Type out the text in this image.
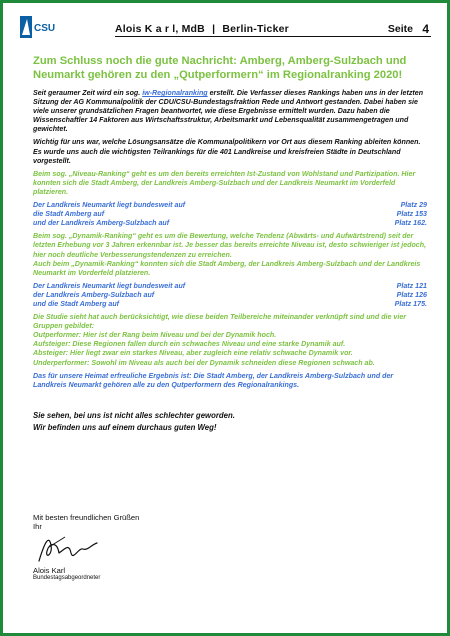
CSU	Alois K a r l, MdB | Berlin-Ticker	Seite 4
Zum Schluss noch die gute Nachricht: Amberg, Amberg-Sulzbach und Neumarkt gehören zu den „Qutperformern“ im Regionalranking 2020!

Seit geraumer Zeit wird ein sog. iw-Regionalranking erstellt. Die Verfasser dieses Rankings haben uns in der letzten Sitzung der AG Kommunalpolitik der CDU/CSU-Bundestagsfraktion Rede und Antwort gestanden. Dabei haben sie viele unserer grundsätzlichen Fragen beantwortet, wie diese Ergebnisse ermittelt wurden. Dazu haben die Wissenschaftler 14 Faktoren aus Wirtschaftsstruktur, Arbeitsmarkt und Lebensqualität zusammengetragen und gewichtet.

Wichtig für uns war, welche Lösungsansätze die Kommunalpolitikern vor Ort aus diesem Ranking ableiten können. Es wurde uns auch die wichtigsten Teilrankings für die 401 Landkreise und kreisfreien Städte in Deutschland vorgestellt.

Beim sog. „Niveau-Ranking“ geht es um den bereits erreichten Ist-Zustand von Wohlstand und Partizipation. Hier konnten sich die Stadt Amberg, der Landkreis Amberg-Sulzbach und der Landkreis Neumarkt im Vorderfeld platzieren.

Der Landkreis Neumarkt liegt bundesweit auf	Platz 29
die Stadt Amberg auf	Platz 153
und der Landkreis Amberg-Sulzbach auf	Platz 162.

Beim sog. „Dynamik-Ranking“ geht es um die Bewertung, welche Tendenz (Abwärts- und Aufwärtstrend) seit der letzten Erhebung vor 3 Jahren erkennbar ist. Je besser das bereits erreichte Niveau ist, desto schwieriger ist jedoch, hier noch deutliche Verbesserungstendenzen zu erreichen.

Auch beim „Dynamik-Ranking“ konnten sich die Stadt Amberg, der Landkreis Amberg-Sulzbach und der Landkreis Neumarkt im Vorderfeld platzieren.

Der Landkreis Neumarkt liegt bundesweit auf	Platz 121
der Landkreis Amberg-Sulzbach auf	Platz 126
und die Stadt Amberg auf	Platz 175.
Die Studie sieht hat auch berücksichtigt, wie diese beiden Teilbereiche miteinander verknüpft sind und die vier Gruppen gebildet:
Outperformer: Hier ist der Rang beim Niveau und bei der Dynamik hoch.
Aufsteiger: Diese Regionen fallen durch ein schwaches Niveau und eine starke Dynamik auf.
Absteiger: Hier liegt zwar ein starkes Niveau, aber zugleich eine relativ schwache Dynamik vor.
Underperformer: Sowohl im Niveau als auch bei der Dynamik schneiden diese Regionen schwach ab.

Das für unsere Heimat erfreuliche Ergebnis ist: Die Stadt Amberg, der Landkreis Amberg-Sulzbach und der Landkreis Neumarkt gehören alle zu den Qutperformern des Regionalrankings.

Sie sehen, bei uns ist nicht alles schlechter geworden.
Wir befinden uns auf einem durchaus guten Weg!
Mit besten freundlichen Grüßen
Ihr
Alois Karl
Bundestagsabgeordneter
